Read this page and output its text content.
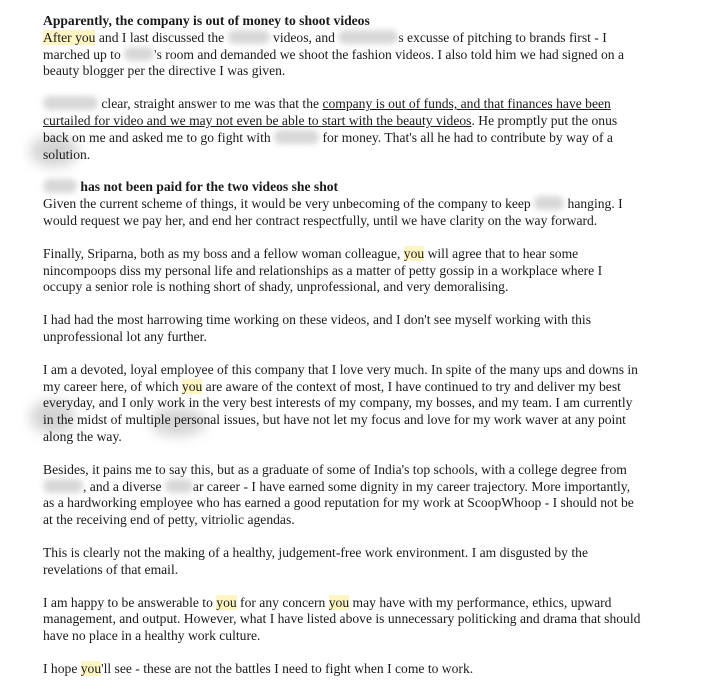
Apparently, the company is out of money to shoot videos

After you and I last discussed the	videos, and	s excusse of pitching to brands first - I marched up to 's room and demanded we shoot the fashion videos. I also told him we had signed on a beauty blogger per the directive I was given.

clear, straight answer to me was that the company is out of funds, and that finances have been curtailed for video and we may not even be able to start with the beauty videos. He promptly put the onus back on me and asked me to go fight with	for money. That's all he had to contribute by way of a solution.

has not been paid for the two videos she shot

Given the current scheme of things, it would be very unbecoming of the company to keep  hanging. I would request we pay her, and end her contract respectfully, until we have clarity on the way forward.

Finally, Sriparna, both as my boss and a fellow woman colleague, you will agree that to hear some nincompoops diss my personal life and relationships as a matter of petty gossip in a workplace where I occupy a senior role is nothing short of shady, unprofessional, and very demoralising.

I had had the most harrowing time working on these videos, and I don't see myself working with this unprofessional lot any further.

I am a devoted, loyal employee of this company that I love very much. In spite of the many ups and downs in my career here, of which you are aware of the context of most, I have continued to try and deliver my best everyday, and I only work in the very best interests of my company, my bosses, and my team. I am currently in the midst of multiple personal issues, but have not let my focus and love for my work waver at any point along the way.

Besides, it pains me to say this, but as a graduate of some of India's top schools, with a college degree from , and a diverse ar career - I have earned some dignity in my career trajectory. More importantly, as a hardworking employee who has earned a good reputation for my work at ScoopWhoop - I should not be at the receiving end of petty, vitriolic agendas.

This is clearly not the making of a healthy, judgement-free work environment. I am disgusted by the revelations of that email.

I am happy to be answerable to you for any concern you may have with my performance, ethics, upward management, and output. However, what I have listed above is unnecessary politicking and drama that should have no place in a healthy work culture.

I hope you'll see - these are not the battles I need to fight when I come to work.
